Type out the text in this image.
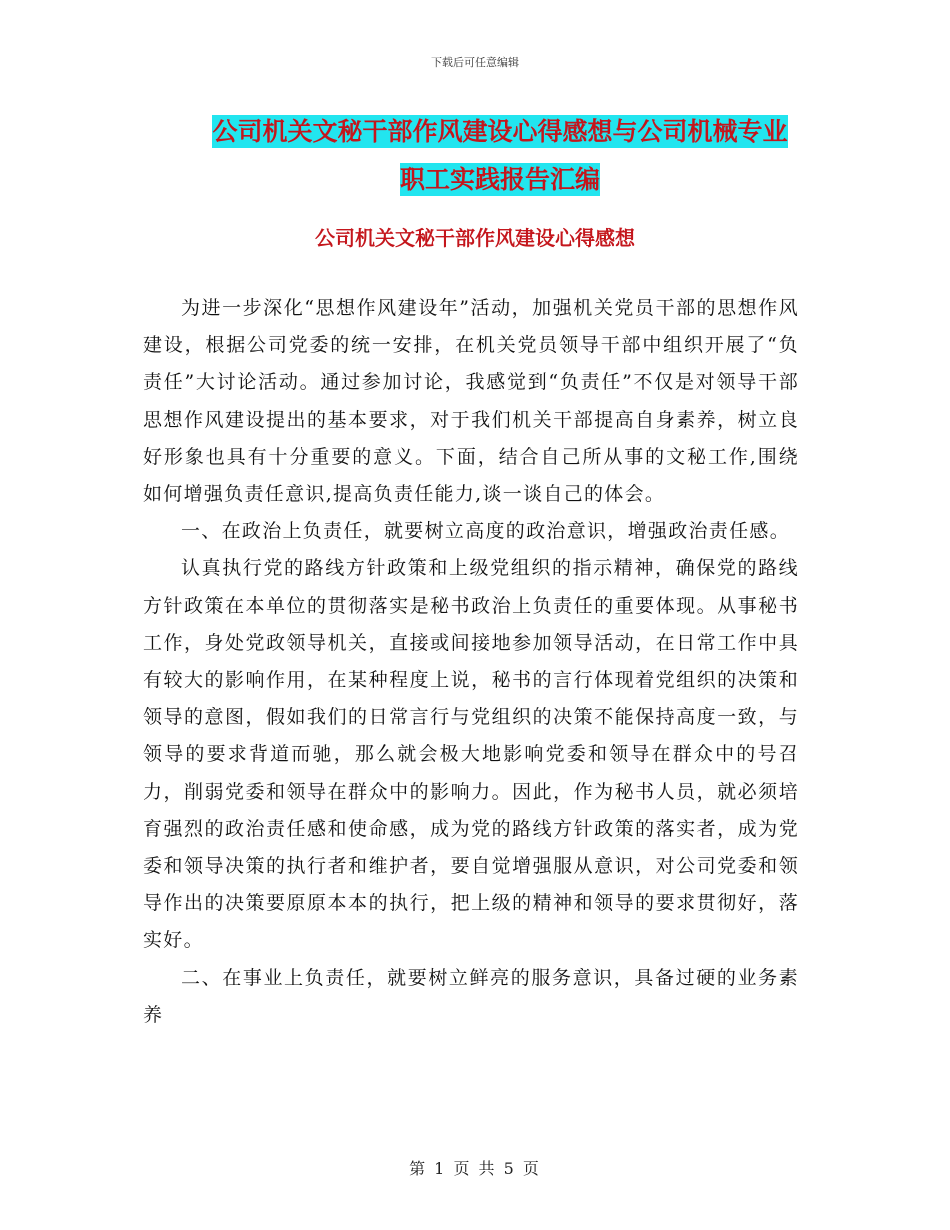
下载后可任意编辑
公司机关文秘干部作风建设心得感想与公司机械专业
职工实践报告汇编
公司机关文秘干部作风建设心得感想

为进一步深化“思想作风建设年”活动，加强机关党员干部的思想作风建设，根据公司党委的统一安排，在机关党员领导干部中组织开展了“负责任”大讨论活动。通过参加讨论，我感觉到“负责任”不仅是对领导干部思想作风建设提出的基本要求，对于我们机关干部提高自身素养，树立良好形象也具有十分重要的意义。下面，结合自己所从事的文秘工作,围绕如何增强负责任意识,提高负责任能力,谈一谈自己的体会。

一、在政治上负责任，就要树立高度的政治意识，增强政治责任感。

认真执行党的路线方针政策和上级党组织的指示精神，确保党的路线方针政策在本单位的贯彻落实是秘书政治上负责任的重要体现。从事秘书工作，身处党政领导机关，直接或间接地参加领导活动，在日常工作中具有较大的影响作用，在某种程度上说，秘书的言行体现着党组织的决策和领导的意图，假如我们的日常言行与党组织的决策不能保持高度一致，与领导的要求背道而驰，那么就会极大地影响党委和领导在群众中的号召力，削弱党委和领导在群众中的影响力。因此，作为秘书人员，就必须培育强烈的政治责任感和使命感，成为党的路线方针政策的落实者，成为党委和领导决策的执行者和维护者，要自觉增强服从意识，对公司党委和领导作出的决策要原原本本的执行，把上级的精神和领导的要求贯彻好，落实好。

二、在事业上负责任，就要树立鲜亮的服务意识，具备过硬的业务素养

第 1 页 共 5 页
